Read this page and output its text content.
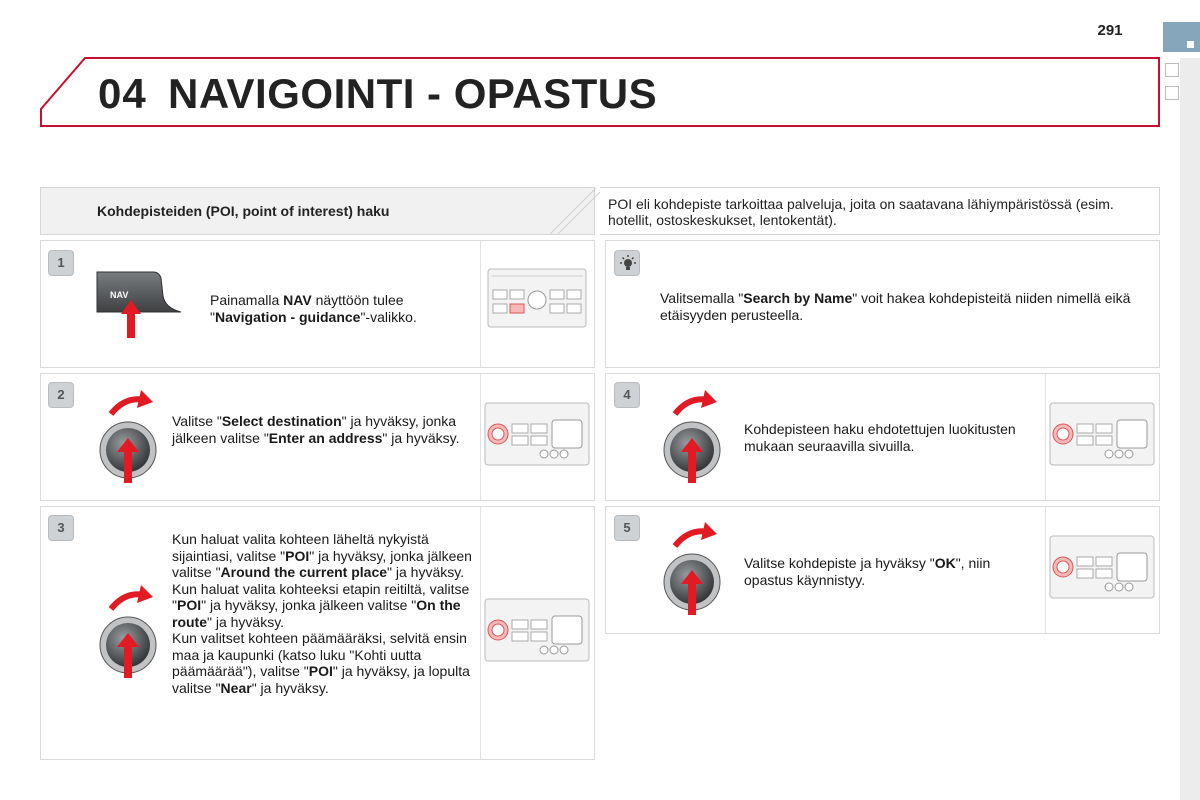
291
04 NAVIGOINTI - OPASTUS
Kohdepisteiden (POI, point of interest) haku	POI eli kohdepiste tarkoittaa palveluja, joita on saatavana lähiympäristössä (esim. hotellit, ostoskeskukset, lentokentät).
1
2
3
4
5
NAV	Painamalla NAV näyttöön tulee "Navigation - guidance"-valikko.
Valitse "Select destination" ja hyväksy, jonka jälkeen valitse "Enter an address" ja hyväksy.
Kun haluat valita kohteen läheltä nykyistä sijaintiasi, valitse "POI" ja hyväksy, jonka jälkeen valitse "Around the current place" ja hyväksy.
Kun haluat valita kohteeksi etapin reitiltä, valitse "POI" ja hyväksy, jonka jälkeen valitse "On the route" ja hyväksy.
Kun valitset kohteen päämääräksi, selvitä ensin maa ja kaupunki (katso luku "Kohti uutta päämäärää"), valitse "POI" ja hyväksy, ja lopulta valitse "Near" ja hyväksy.
Valitsemalla "Search by Name" voit hakea kohdepisteitä niiden nimellä eikä etäisyyden perusteella.
Kohdepisteen haku ehdotettujen luokitusten mukaan seuraavilla sivuilla.
Valitse kohdepiste ja hyväksy "OK", niin opastus käynnistyy.
